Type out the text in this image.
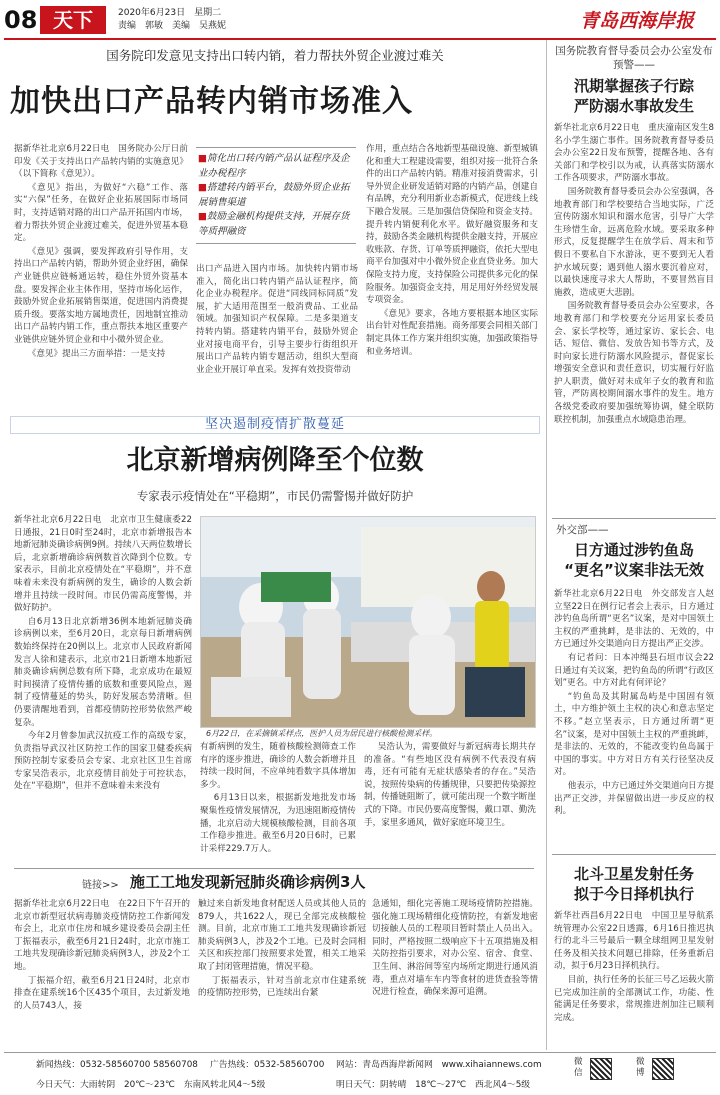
08 天下	2020年6月23日　星期二
责编　郭敏　美编　吴燕妮	青岛西海岸报
国务院印发意见支持出口转内销，着力帮扶外贸企业渡过难关
加快出口产品转内销市场准入

据新华社北京6月22日电　国务院办公厅日前印发《关于支持出口产品转内销的实施意见》（以下简称《意见》）。

《意见》指出，为做好“六稳”工作、落实“六保”任务，在做好企业拓展国际市场同时，支持适销对路的出口产品开拓国内市场，着力帮扶外贸企业渡过难关，促进外贸基本稳定。

《意见》强调，要发挥政府引导作用，支持出口产品转内销，帮助外贸企业纾困，确保产业链供应链畅通运转，稳住外贸外资基本盘。要发挥企业主体作用，坚持市场化运作，鼓励外贸企业拓展销售渠道，促进国内消费提质升级。要落实地方属地责任，因地制宜推动出口产品转内销工作，重点帮扶本地区重要产业链供应链外贸企业和中小微外贸企业。

《意见》提出三方面举措：一是支持

■简化出口转内销产品认证程序及企业办税程序
■搭建转内销平台，鼓励外贸企业拓展销售渠道
■鼓励金融机构提供支持，开展存货等质押融资

出口产品进入国内市场。加快转内销市场准入，简化出口转内销产品认证程序，简化企业办税程序。促进“同线同标同质”发展，扩大适用范围至一般消费品、工业品领域。加强知识产权保障。二是多渠道支持转内销。搭建转内销平台，鼓励外贸企业对接电商平台，引导主要步行街组织开展出口产品转内销专题活动，组织大型商业企业开展订单直采。发挥有效投资带动

作用，重点结合各地新型基础设施、新型城镇化和重大工程建设需要，组织对接一批符合条件的出口产品转内销。精准对接消费需求，引导外贸企业研发适销对路的内销产品，创建自有品牌，充分利用新业态新模式，促进线上线下融合发展。三是加强信贷保险和资金支持。提升转内销便利化水平。做好融资服务和支持，鼓励各类金融机构提供金融支持，开展应收账款、存货、订单等质押融资，依托大型电商平台加强对中小微外贸企业直贷业务。加大保险支持力度，支持保险公司提供多元化的保险服务。加强资金支持，用足用好外经贸发展专项资金。

《意见》要求，各地方要根据本地区实际出台针对性配套措施。商务部要会同相关部门制定具体工作方案并组织实施，加强政策指导和业务培训。

坚决遏制疫情扩散蔓延
北京新增病例降至个位数
专家表示疫情处在“平稳期”，市民仍需警惕并做好防护

新华社北京6月22日电　北京市卫生健康委22日通报，21日0时至24时，北京市新增报告本地新冠肺炎确诊病例9例。持续八天两位数增长后，北京新增确诊病例数首次降到个位数。专家表示，目前北京疫情处在“平稳期”，并不意味着未来没有新病例的发生，确诊的人数会新增并且持续一段时间。市民仍需高度警惕，并做好防护。

自6月13日北京新增36例本地新冠肺炎确诊病例以来，至6月20日，北京每日新增病例数始终保持在20例以上。北京市人民政府新闻发言人徐和建表示，北京市21日新增本地新冠肺炎确诊病例总数有所下降，北京成功在最短时间摸清了疫情传播的底数和重要风险点，遏制了疫情蔓延的势头，防好发展态势清晰。但仍要清醒地看到，首都疫情防控形势依然严峻复杂。

今年2月曾参加武汉抗疫工作的高级专家，负责指导武汉社区防控工作的国家卫健委疾病预防控制专家委员会专家、北京社区卫生首席专家吴浩表示，北京疫情目前处于可控状态，处在“平稳期”，但并不意味着未来没有

6月22日，在采摘镇采样点，医护人员为居民进行核酸检测采样。

有新病例的发生，随着核酸检测筛查工作有序的逐步推进，确诊的人数会新增并且持续一段时间，不应单纯看数字具体增加多少。

6月13日以来，根据新发地批发市场聚集性疫情发展情况，为迅速阻断疫情传播，北京启动大规模核酸检测，目前各项工作稳步推进。截至6月20日6时，已累计采样229.7万人。

吴浩认为，需要做好与新冠病毒长期共存的准备。“有些地区没有病例不代表没有病毒，还有可能有无症状感染者的存在。”吴浩说，按照传染病的传播规律，只要把传染源控制，传播链阻断了，就可能出现一个数字断崖式的下降。市民仍要高度警惕，戴口罩、勤洗手，家里多通风，做好家庭环境卫生。

链接>> 施工工地发现新冠肺炎确诊病例3人

据新华社北京6月22日电　在22日下午召开的北京市新型冠状病毒肺炎疫情防控工作新闻发布会上，北京市住房和城乡建设委员会副主任丁振福表示，截至6月21日24时，北京市施工工地共发现确诊新冠肺炎病例3人，涉及2个工地。

丁振福介绍，截至6月21日24时，北京市排查在建系统16个区435个项目，去过新发地的人员743人，接

触过来自新发地食材配送人员或其他人员的879人，共1622人，现已全部完成核酸检测。目前，北京市施工工地共发现确诊新冠肺炎病例3人，涉及2个工地。已及时会同相关区和疾控部门按照要求处置，相关工地采取了封闭管理措施，情况平稳。

丁振福表示，针对当前北京市住建系统的疫情防控形势，已连续出台紧

急通知，细化完善施工现场疫情防控措施。强化施工现场精细化疫情防控，有新发地密切接触人员的工程项目暂时禁止人员出入。同时，严格按照二级响应下十五项措施及相关防控指引要求，对办公室、宿舍、食堂、卫生间、淋浴间等室内场所定期进行通风消毒，重点对墙车车内等食材的进货查验等情况进行检查，确保来源可追溯。

国务院教育督导委员会办公室发布预警——
汛期掌握孩子行踪
严防溺水事故发生

新华社北京6月22日电　重庆潼南区发生8名小学生溺亡事件。国务院教育督导委员会办公室22日发布预警，提醒各地、各有关部门和学校引以为戒，认真落实防溺水工作各项要求，严防溺水事故。

国务院教育督导委员会办公室强调，各地教育部门和学校要结合当地实际，广泛宣传防溺水知识和溺水危害，引导广大学生珍惜生命，远离危险水域。要采取多种形式，反复提醒学生在放学后、周末和节假日不要私自下水游泳，更不要到无人看护水域玩耍；遇到他人溺水要沉着应对，以最快速度寻求大人帮助，不要冒然盲目施救，造成更大悲剧。

国务院教育督导委员会办公室要求，各地教育部门和学校要充分运用家长委员会、家长学校等，通过家访、家长会、电话、短信、微信、发放告知书等方式，及时向家长进行防溺水风险提示，督促家长增强安全意识和责任意识，切实履行好监护人职责，做好对未成年子女的教育和监管，严防离校期间溺水事件的发生。地方各级党委政府要加强统筹协调，健全联防联控机制，加强重点水域隐患治理。

外交部——
日方通过涉钓鱼岛
“更名”议案非法无效

新华社北京6月22日电　外交部发言人赵立坚22日在例行记者会上表示，日方通过涉钓鱼岛所谓“更名”议案，是对中国领土主权的严重挑衅，是非法的、无效的，中方已通过外交渠道向日方提出严正交涉。

有记者问：日本冲绳县石垣市议会22日通过有关议案，把钓鱼岛的所谓“行政区划”更名。中方对此有何评论？

“钓鱼岛及其附属岛屿是中国固有领土，中方维护领土主权的决心和意志坚定不移。”赵立坚表示，日方通过所谓“更名”议案，是对中国领土主权的严重挑衅，是非法的、无效的，不能改变钓鱼岛属于中国的事实。中方对日方有关行径坚决反对。

他表示，中方已通过外交渠道向日方提出严正交涉，并保留做出进一步反应的权利。

北斗卫星发射任务
拟于今日择机执行

新华社西昌6月22日电　中国卫星导航系统管理办公室22日透露，6月16日推迟执行的北斗三号最后一颗全球组网卫星发射任务及相关技术问题已排除，任务重新启动，拟于6月23日择机执行。

目前，执行任务的长征三号乙运载火箭已完成加注前的全部测试工作，功能、性能满足任务要求，常规推进剂加注已顺利完成。

新闻热线：0532-58560700 58560708 广告热线：0532-58560700 网站：青岛西海岸新闻网　www.xihaiannews.com
今日天气：大雨转阴　20℃～23℃　东南风转北风4～5级	明日天气：阴转晴　18℃～27℃　西北风4～5级
微信
微博
